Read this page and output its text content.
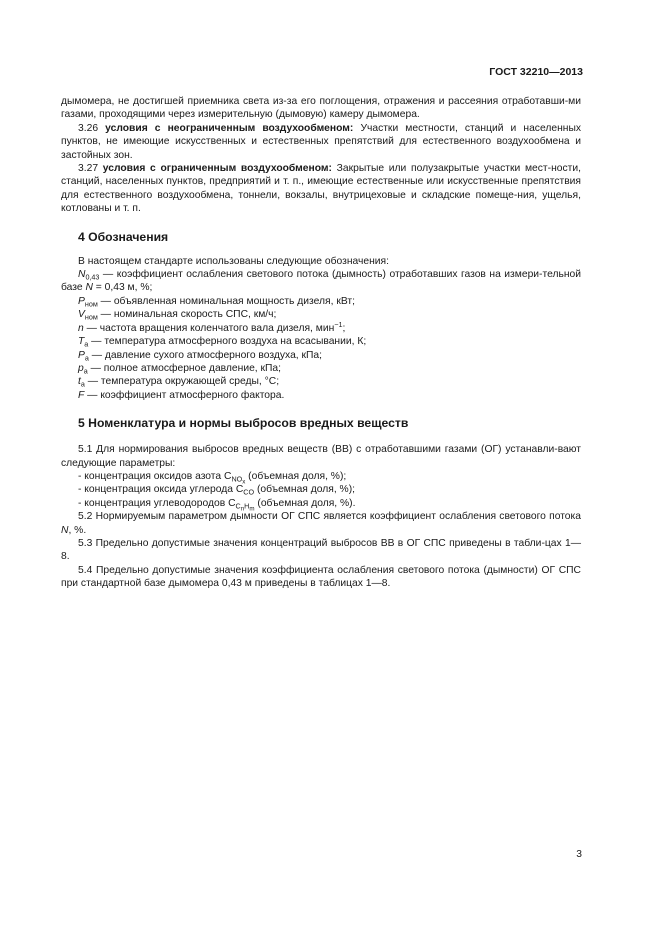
ГОСТ 32210—2013

дымомера, не достигшей приемника света из-за его поглощения, отражения и рассеяния отработавши-ми газами, проходящими через измерительную (дымовую) камеру дымомера.

3.26 условия с неограниченным воздухообменом: Участки местности, станций и населенных пунктов, не имеющие искусственных и естественных препятствий для естественного воздухообмена и застойных зон.

3.27 условия с ограниченным воздухообменом: Закрытые или полузакрытые участки мест-ности, станций, населенных пунктов, предприятий и т. п., имеющие естественные или искусственные препятствия для естественного воздухообмена, тоннели, вокзалы, внутрицеховые и складские помеще-ния, ущелья, котлованы и т. п.

4 Обозначения

В настоящем стандарте использованы следующие обозначения:

$N_{0,43}$ — коэффициент ослабления светового потока (дымность) отработавших газов на измери-тельной базе N = 0,43 м, %;

$P_{ном}$ — объявленная номинальная мощность дизеля, кВт;
$V_{ном}$ — номинальная скорость СПС, км/ч;
n — частота вращения коленчатого вала дизеля, мин$^{-1}$;
$T_а$ — температура атмосферного воздуха на всасывании, К;
$P_а$ — давление сухого атмосферного воздуха, кПа;
$p_а$ — полное атмосферное давление, кПа;
$t_а$ — температура окружающей среды, °С;
F — коэффициент атмосферного фактора.
5 Номенклатура и нормы выбросов вредных веществ

5.1 Для нормирования выбросов вредных веществ (ВВ) с отработавшими газами (ОГ) устанавли-вают следующие параметры:

- концентрация оксидов азота $С_{NOx}$ (объемная доля, %);
- концентрация оксида углерода $С_{CO}$ (объемная доля, %);
- концентрация углеводородов $С_{CnHm}$ (объемная доля, %).

5.2 Нормируемым параметром дымности ОГ СПС является коэффициент ослабления светового потока N, %.

5.3 Предельно допустимые значения концентраций выбросов ВВ в ОГ СПС приведены в табли-цах 1—8.

5.4 Предельно допустимые значения коэффициента ослабления светового потока (дымности) ОГ СПС при стандартной базе дымомера 0,43 м приведены в таблицах 1—8.

3
